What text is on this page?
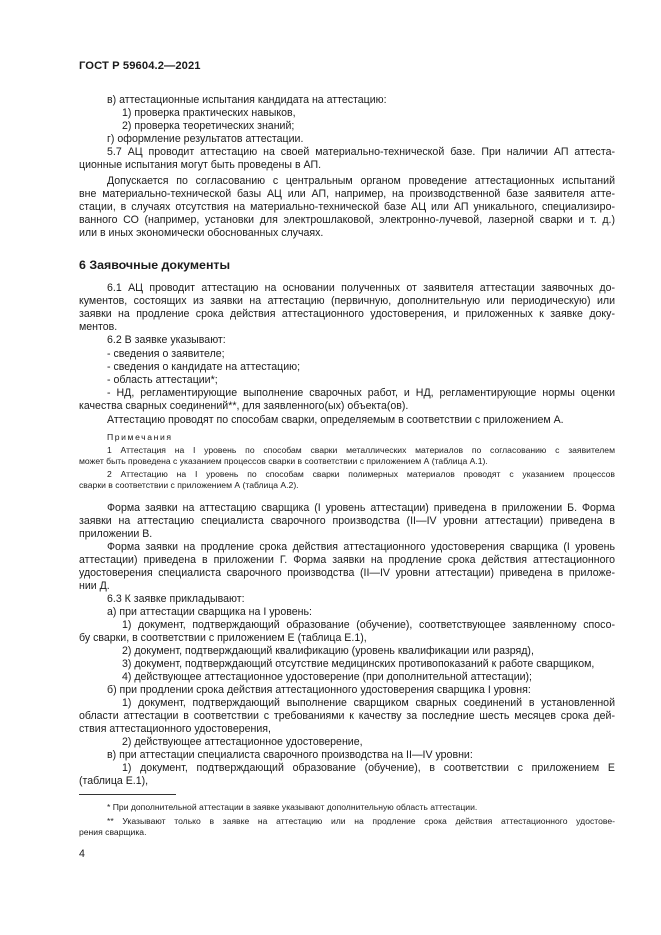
ГОСТ Р 59604.2—2021
в) аттестационные испытания кандидата на аттестацию:
1) проверка практических навыков,
2) проверка теоретических знаний;
г) оформление результатов аттестации.
5.7 АЦ проводит аттестацию на своей материально-технической базе. При наличии АП аттеста-
ционные испытания могут быть проведены в АП.
Допускается по согласованию с центральным органом проведение аттестационных испытаний
вне материально-технической базы АЦ или АП, например, на производственной базе заявителя атте-
стации, в случаях отсутствия на материально-технической базе АЦ или АП уникального, специализиро-
ванного СО (например, установки для электрошлаковой, электронно-лучевой, лазерной сварки и т. д.)
или в иных экономически обоснованных случаях.
6 Заявочные документы
6.1 АЦ проводит аттестацию на основании полученных от заявителя аттестации заявочных до-
кументов, состоящих из заявки на аттестацию (первичную, дополнительную или периодическую) или
заявки на продление срока действия аттестационного удостоверения, и приложенных к заявке доку-
ментов.
6.2 В заявке указывают:
- сведения о заявителе;
- сведения о кандидате на аттестацию;
- область аттестации*;
- НД, регламентирующие выполнение сварочных работ, и НД, регламентирующие нормы оценки
качества сварных соединений**, для заявленного(ых) объекта(ов).
Аттестацию проводят по способам сварки, определяемым в соответствии с приложением А.
Примечания
1 Аттестация на I уровень по способам сварки металлических материалов по согласованию с заявителем
может быть проведена с указанием процессов сварки в соответствии с приложением А (таблица А.1).
2 Аттестацию на I уровень по способам сварки полимерных материалов проводят с указанием процессов
сварки в соответствии с приложением А (таблица А.2).
Форма заявки на аттестацию сварщика (I уровень аттестации) приведена в приложении Б. Форма
заявки на аттестацию специалиста сварочного производства (II—IV уровни аттестации) приведена в
приложении В.
Форма заявки на продление срока действия аттестационного удостоверения сварщика (I уровень
аттестации) приведена в приложении Г. Форма заявки на продление срока действия аттестационного
удостоверения специалиста сварочного производства (II—IV уровни аттестации) приведена в приложе-
нии Д.
6.3 К заявке прикладывают:
а) при аттестации сварщика на I уровень:
1) документ, подтверждающий образование (обучение), соответствующее заявленному спосо-
бу сварки, в соответствии с приложением Е (таблица Е.1),
2) документ, подтверждающий квалификацию (уровень квалификации или разряд),
3) документ, подтверждающий отсутствие медицинских противопоказаний к работе сварщиком,
4) действующее аттестационное удостоверение (при дополнительной аттестации);
б) при продлении срока действия аттестационного удостоверения сварщика I уровня:
1) документ, подтверждающий выполнение сварщиком сварных соединений в установленной
области аттестации в соответствии с требованиями к качеству за последние шесть месяцев срока дей-
ствия аттестационного удостоверения,
2) действующее аттестационное удостоверение,
в) при аттестации специалиста сварочного производства на II—IV уровни:
1) документ, подтверждающий образование (обучение), в соответствии с приложением Е
(таблица Е.1),
* При дополнительной аттестации в заявке указывают дополнительную область аттестации.
** Указывают только в заявке на аттестацию или на продление срока действия аттестационного удостове-
рения сварщика.
4
